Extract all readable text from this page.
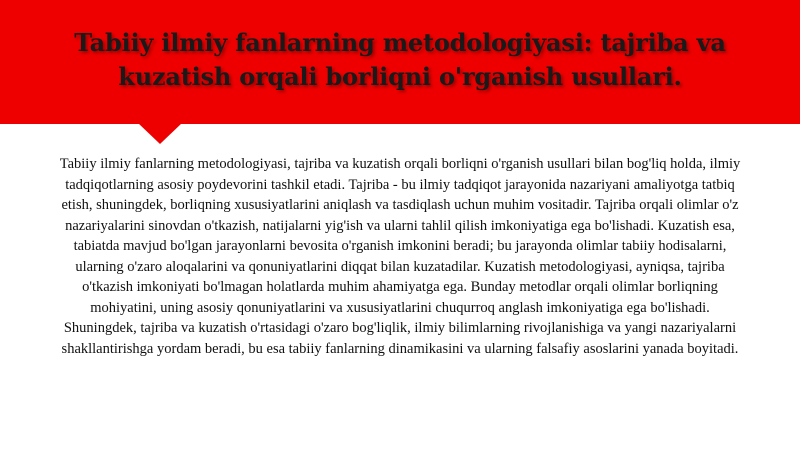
Tabiiy ilmiy fanlarning metodologiyasi: tajriba va kuzatish orqali borliqni o'rganish usullari.

Tabiiy ilmiy fanlarning metodologiyasi, tajriba va kuzatish orqali borliqni o'rganish usullari bilan bog'liq holda, ilmiy tadqiqotlarning asosiy poydevorini tashkil etadi. Tajriba - bu ilmiy tadqiqot jarayonida nazariyani amaliyotga tatbiq etish, shuningdek, borliqning xususiyatlarini aniqlash va tasdiqlash uchun muhim vositadir. Tajriba orqali olimlar o'z nazariyalarini sinovdan o'tkazish, natijalarni yig'ish va ularni tahlil qilish imkoniyatiga ega bo'lishadi. Kuzatish esa, tabiatda mavjud bo'lgan jarayonlarni bevosita o'rganish imkonini beradi; bu jarayonda olimlar tabiiy hodisalarni, ularning o'zaro aloqalarini va qonuniyatlarini diqqat bilan kuzatadilar. Kuzatish metodologiyasi, ayniqsa, tajriba o'tkazish imkoniyati bo'lmagan holatlarda muhim ahamiyatga ega. Bunday metodlar orqali olimlar borliqning mohiyatini, uning asosiy qonuniyatlarini va xususiyatlarini chuqurroq anglash imkoniyatiga ega bo'lishadi. Shuningdek, tajriba va kuzatish o'rtasidagi o'zaro bog'liqlik, ilmiy bilimlarning rivojlanishiga va yangi nazariyalarni shakllantirishga yordam beradi, bu esa tabiiy fanlarning dinamikasini va ularning falsafiy asoslarini yanada boyitadi.
